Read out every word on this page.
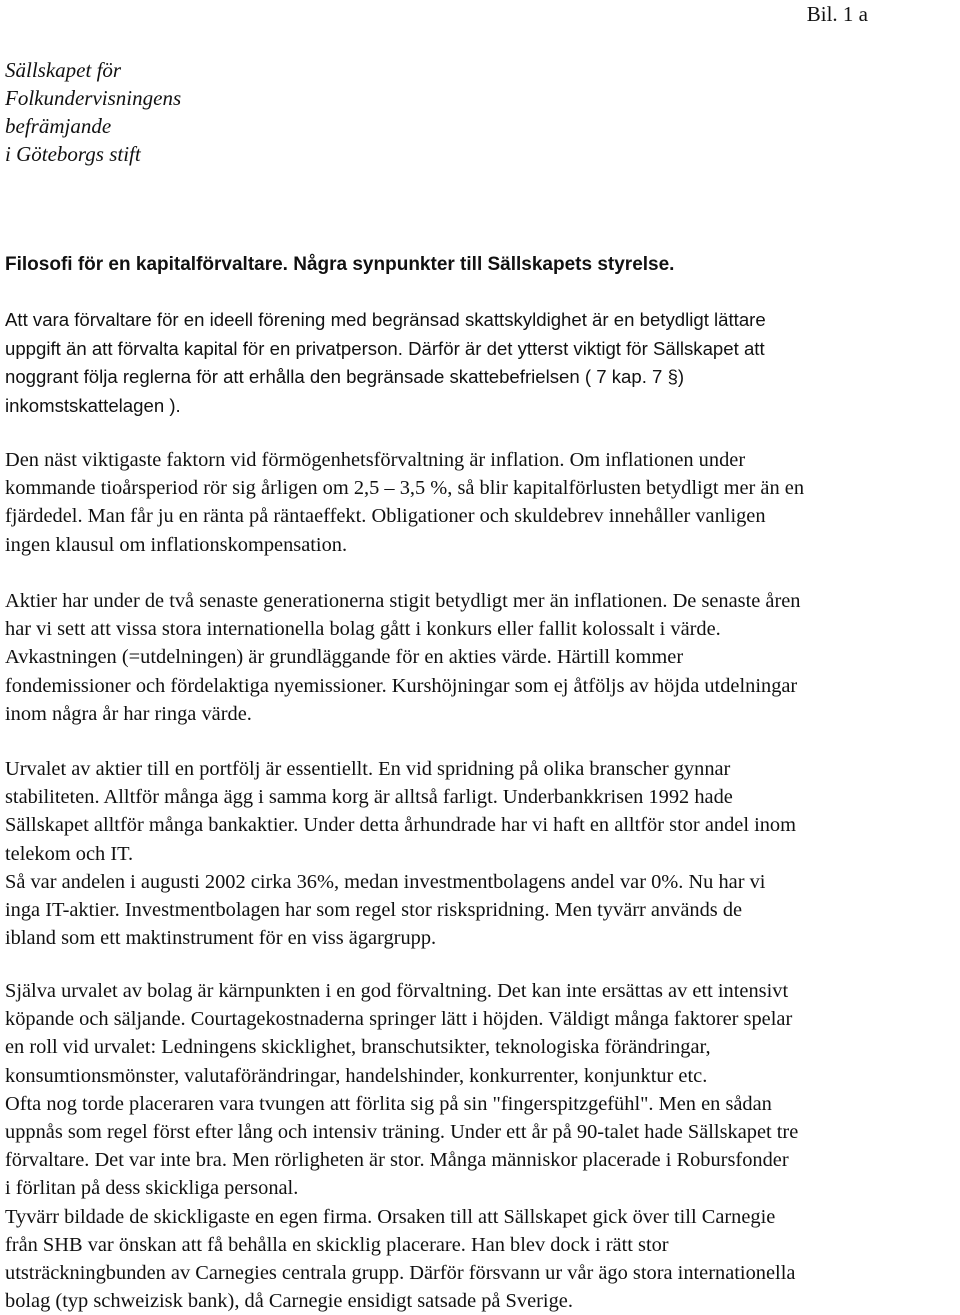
Bil. 1 a
Sällskapet för
Folkundervisningens
befrämjande
i Göteborgs stift
Filosofi för en kapitalförvaltare. Några synpunkter till Sällskapets styrelse.
Att vara förvaltare för en ideell förening med begränsad skattskyldighet är en betydligt lättare
uppgift än att förvalta kapital för en privatperson. Därför är det ytterst viktigt för Sällskapet att
noggrant följa reglerna för att erhålla den begränsade skattebefrielsen ( 7 kap. 7 §)
inkomstskattelagen ).
Den näst viktigaste faktorn vid förmögenhetsförvaltning är inflation. Om inflationen under
kommande tioårsperiod rör sig årligen om 2,5 – 3,5 %, så blir kapitalförlusten betydligt mer än en
fjärdedel. Man får ju en ränta på räntaeffekt. Obligationer och skuldebrev innehåller vanligen
ingen klausul om inflationskompensation.
Aktier har under de två senaste generationerna stigit betydligt mer än inflationen. De senaste åren
har vi sett att vissa stora internationella bolag gått i konkurs eller fallit kolossalt i värde.
Avkastningen (=utdelningen) är grundläggande för en akties värde. Härtill kommer
fondemissioner och fördelaktiga nyemissioner. Kurshöjningar som ej åtföljs av höjda utdelningar
inom några år har ringa värde.
Urvalet av aktier till en portfölj är essentiellt. En vid spridning på olika branscher gynnar
stabiliteten. Alltför många ägg i samma korg är alltså farligt. Underbankkrisen 1992 hade
Sällskapet alltför många bankaktier. Under detta århundrade har vi haft en alltför stor andel inom
telekom och IT.
Så var andelen i augusti 2002 cirka 36%, medan investmentbolagens andel var 0%. Nu har vi
inga IT-aktier. Investmentbolagen har som regel stor riskspridning. Men tyvärr används de
ibland som ett maktinstrument för en viss ägargrupp.
Själva urvalet av bolag är kärnpunkten i en god förvaltning. Det kan inte ersättas av ett intensivt
köpande och säljande. Courtagekostnaderna springer lätt i höjden. Väldigt många faktorer spelar
en roll vid urvalet: Ledningens skicklighet, branschutsikter, teknologiska förändringar,
konsumtionsmönster, valutaförändringar, handelshinder, konkurrenter, konjunktur etc.
Ofta nog torde placeraren vara tvungen att förlita sig på sin "fingerspitzgefühl". Men en sådan
uppnås som regel först efter lång och intensiv träning. Under ett år på 90-talet hade Sällskapet tre
förvaltare. Det var inte bra. Men rörligheten är stor. Många människor placerade i Robursfonder
i förlitan på dess skickliga personal.
Tyvärr bildade de skickligaste en egen firma. Orsaken till att Sällskapet gick över till Carnegie
från SHB var önskan att få behålla en skicklig placerare. Han blev dock i rätt stor
utsträckningbunden av Carnegies centrala grupp. Därför försvann ur vår ägo stora internationella
bolag (typ schweizisk bank), då Carnegie ensidigt satsade på Sverige.
